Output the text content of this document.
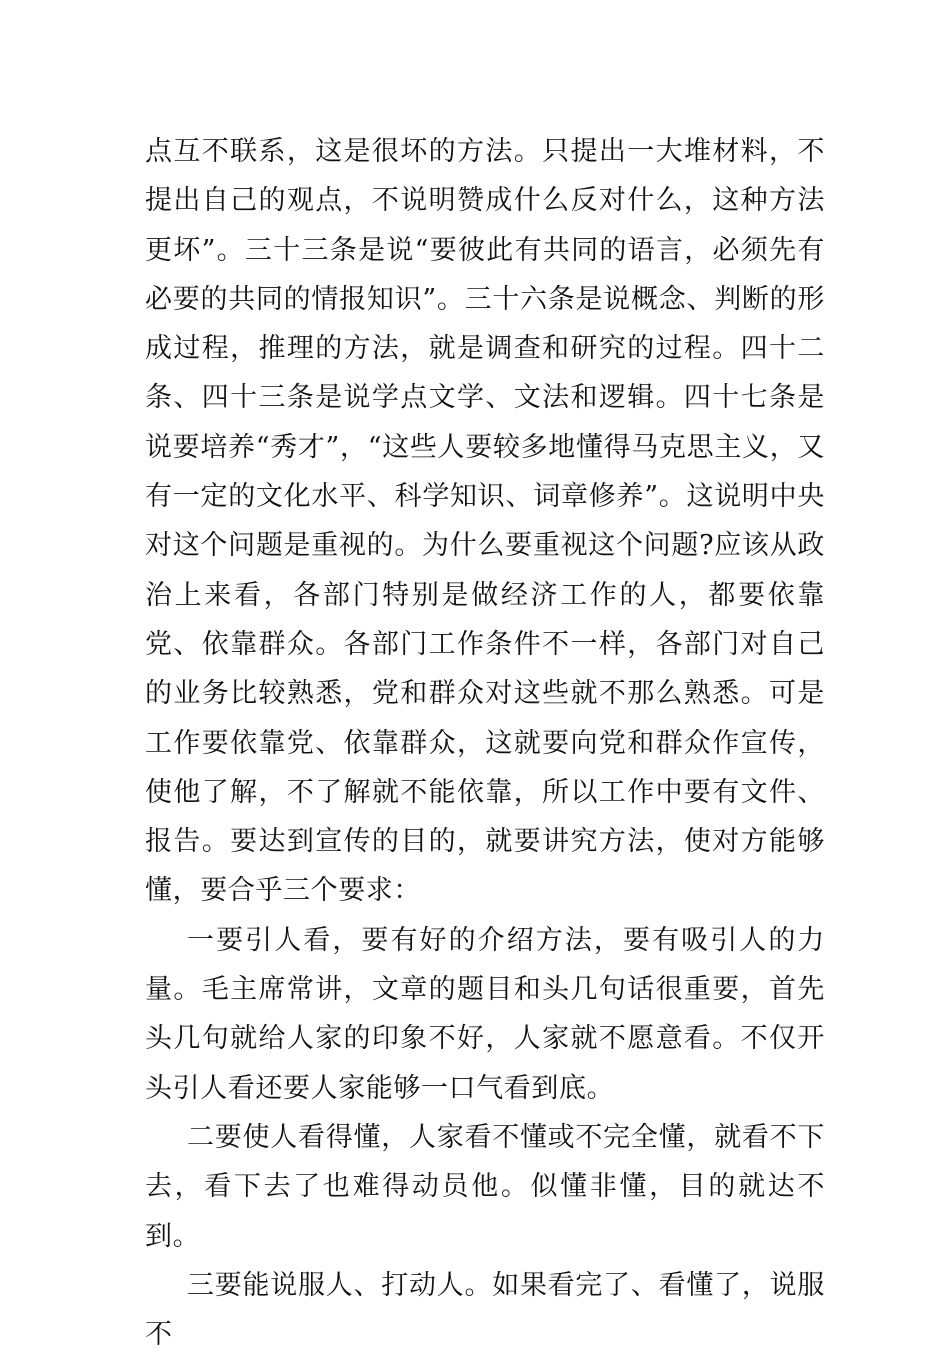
点互不联系，这是很坏的方法。只提出一大堆材料，不提出自己的观点，不说明赞成什么反对什么，这种方法更坏”。三十三条是说“要彼此有共同的语言，必须先有必要的共同的情报知识”。三十六条是说概念、判断的形成过程，推理的方法，就是调查和研究的过程。四十二条、四十三条是说学点文学、文法和逻辑。四十七条是说要培养“秀才”，“这些人要较多地懂得马克思主义，又有一定的文化水平、科学知识、词章修养”。这说明中央对这个问题是重视的。为什么要重视这个问题?应该从政治上来看，各部门特别是做经济工作的人，都要依靠党、依靠群众。各部门工作条件不一样，各部门对自己的业务比较熟悉，党和群众对这些就不那么熟悉。可是工作要依靠党、依靠群众，这就要向党和群众作宣传，使他了解，不了解就不能依靠，所以工作中要有文件、报告。要达到宣传的目的，就要讲究方法，使对方能够懂，要合乎三个要求：

一要引人看，要有好的介绍方法，要有吸引人的力量。毛主席常讲，文章的题目和头几句话很重要，首先头几句就给人家的印象不好，人家就不愿意看。不仅开头引人看还要人家能够一口气看到底。

二要使人看得懂，人家看不懂或不完全懂，就看不下去，看下去了也难得动员他。似懂非懂，目的就达不到。

三要能说服人、打动人。如果看完了、看懂了，说服不
